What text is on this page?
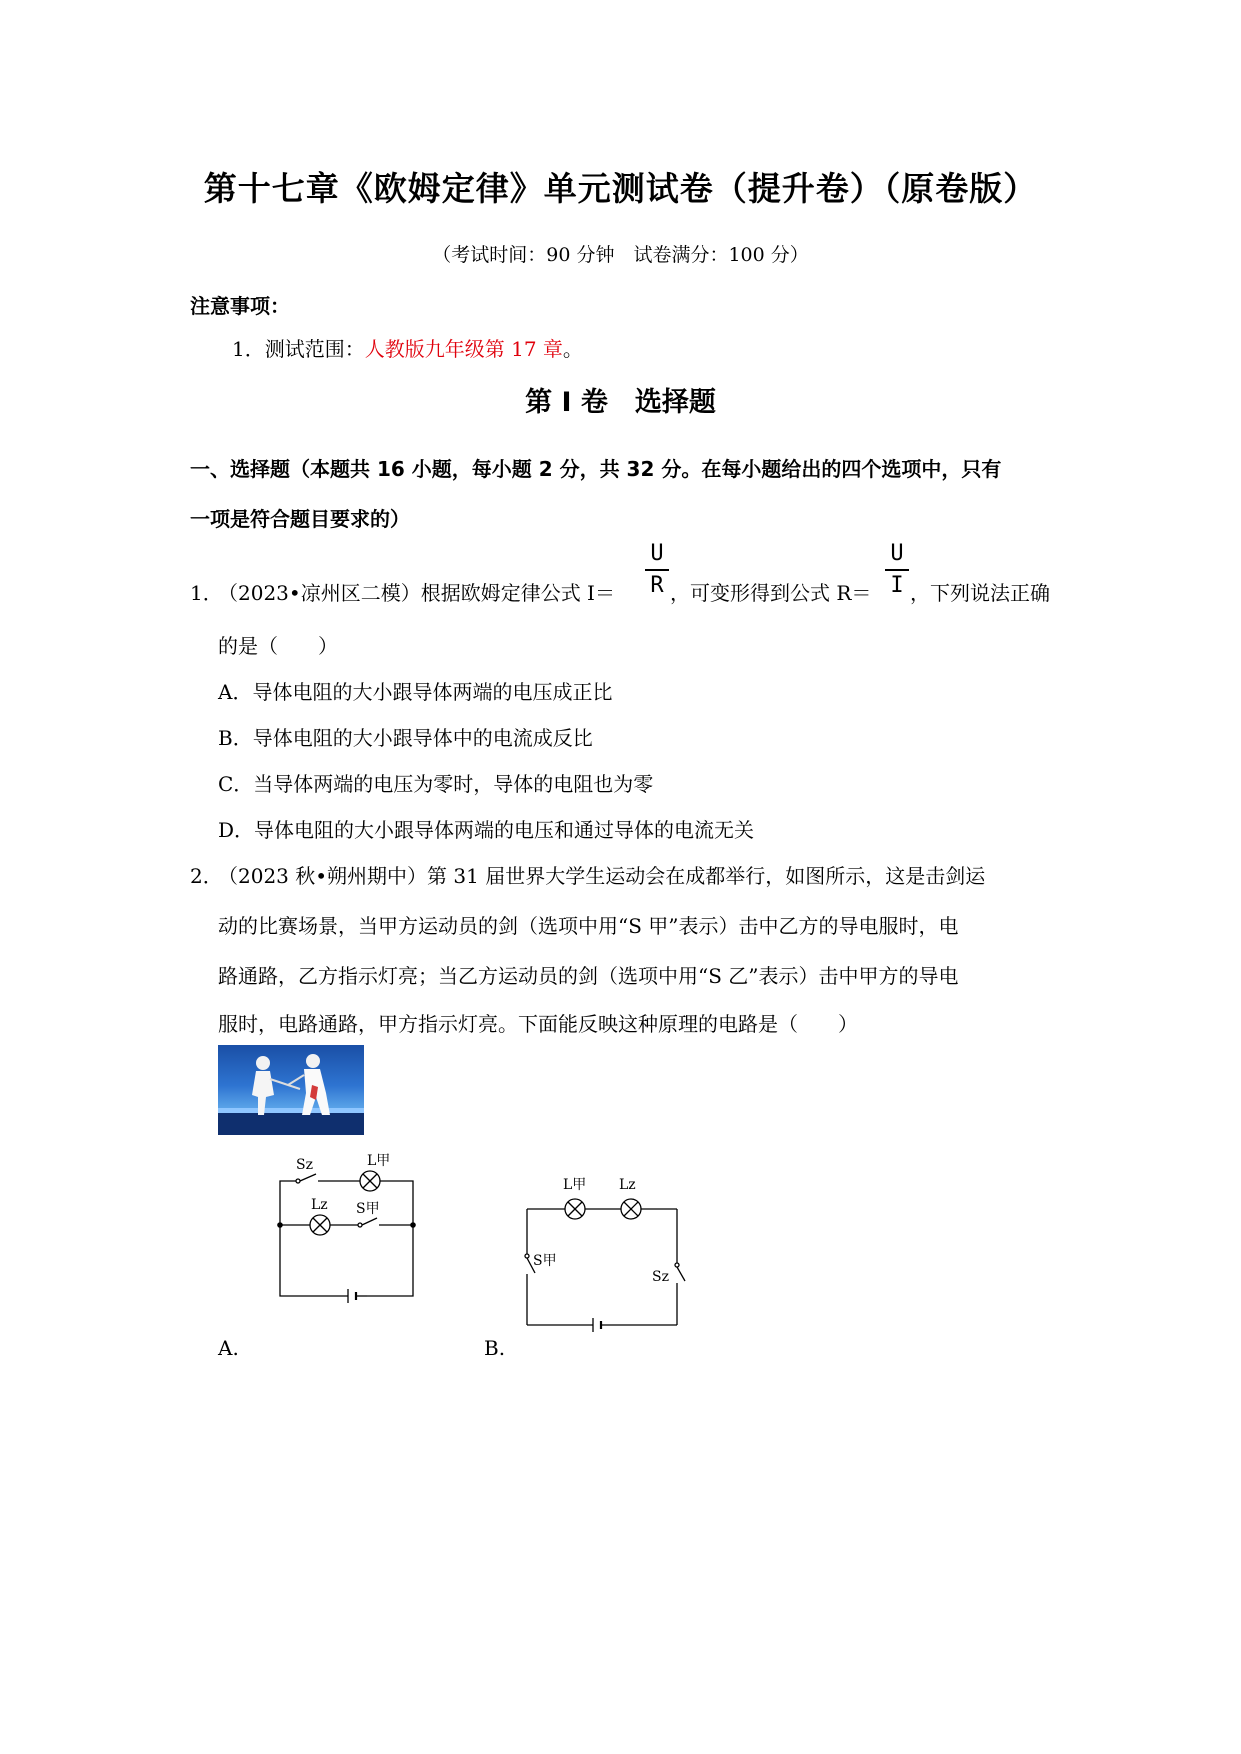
第十七章《欧姆定律》单元测试卷（提升卷）（原卷版）
（考试时间：90 分钟　试卷满分：100 分）
注意事项：
1．测试范围：人教版九年级第 17 章。
第 I 卷　选择题
一、选择题（本题共 16 小题，每小题 2 分，共 32 分。在每小题给出的四个选项中，只有
一项是符合题目要求的）
1．
（2023•凉州区二模）根据欧姆定律公式 I＝
U
R ，可变形得到公式 R＝
U
I ，下列说法正确
的是（　　）
A．导体电阻的大小跟导体两端的电压成正比
B．导体电阻的大小跟导体中的电流成反比
C．当导体两端的电压为零时，导体的电阻也为零
D．导体电阻的大小跟导体两端的电压和通过导体的电流无关
2．
（2023 秋•朔州期中）第 31 届世界大学生运动会在成都举行，如图所示，这是击剑运
动的比赛场景，当甲方运动员的剑（选项中用“S 甲”表示）击中乙方的导电服时，电
路通路，乙方指示灯亮；当乙方运动员的剑（选项中用“S 乙”表示）击中甲方的导电
服时，电路通路，甲方指示灯亮。下面能反映这种原理的电路是（　　）
Sz	L甲
Lz S甲
A.
L甲 Lz
S甲
Sz
B.
